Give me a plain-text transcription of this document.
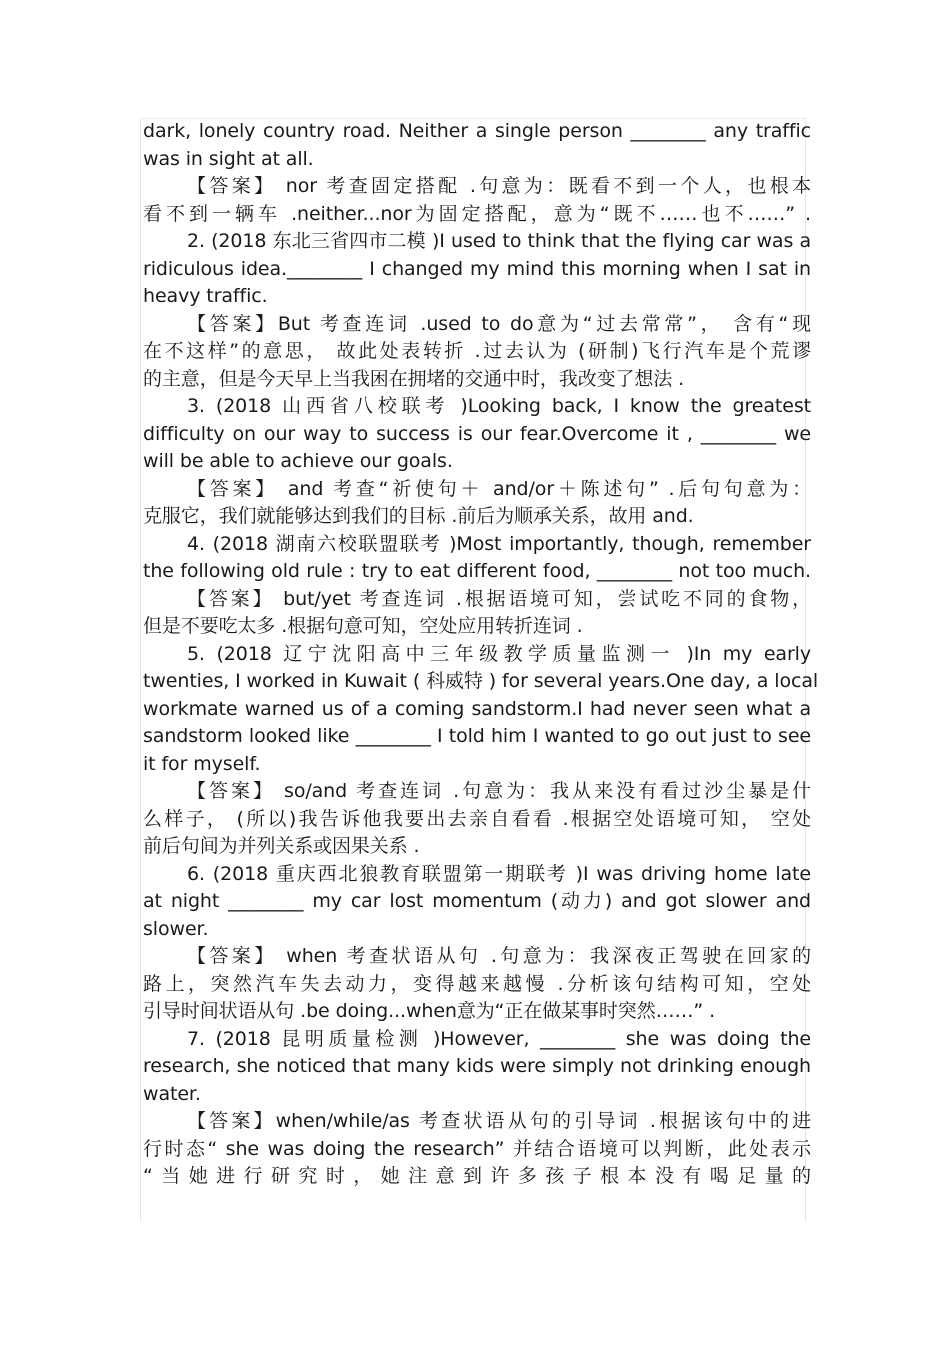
dark, lonely country road. Neither a single person ________ any traffic
was in sight at all.
【答案】 nor 考查固定搭配 .句意为：既看不到一个人，也根本
看不到一辆车 .neither...nor为固定搭配，意为“既不……也不……” .
2. (2018 东北三省四市二模 )I used to think that the flying car was a
ridiculous idea.________ I changed my mind this morning when I sat in
heavy traffic.
【答案】But 考查连词 .used to do意为“过去常常”， 含有“现
在不这样”的意思， 故此处表转折 .过去认为 (研制)飞行汽车是个荒谬
的主意，但是今天早上当我困在拥堵的交通中时，我改变了想法 .
3. (2018 山西省八校联考 )Looking back, I know the greatest
difficulty on our way to success is our fear.Overcome it , ________ we
will be able to achieve our goals.
【答案】 and 考查“祈使句＋ and/or＋陈述句” .后句句意为：
克服它，我们就能够达到我们的目标 .前后为顺承关系，故用 and.
4. (2018 湖南六校联盟联考 )Most importantly, though, remember
the following old rule : try to eat different food, ________ not too much.
【答案】 but/yet 考查连词 .根据语境可知，尝试吃不同的食物，
但是不要吃太多 .根据句意可知，空处应用转折连词 .
5. (2018 辽宁沈阳高中三年级教学质量监测一 )In my early
twenties, I worked in Kuwait ( 科威特 ) for several years.One day, a local
workmate warned us of a coming sandstorm.I had never seen what a
sandstorm looked like ________ I told him I wanted to go out just to see
it for myself.
【答案】 so/and 考查连词 .句意为：我从来没有看过沙尘暴是什
么样子， (所以)我告诉他我要出去亲自看看 .根据空处语境可知， 空处
前后句间为并列关系或因果关系 .
6. (2018 重庆西北狼教育联盟第一期联考 )I was driving home late
at night ________ my car lost momentum (动力) and got slower and
slower.
【答案】 when 考查状语从句 .句意为：我深夜正驾驶在回家的
路上，突然汽车失去动力，变得越来越慢 .分析该句结构可知，空处
引导时间状语从句 .be doing...when意为“正在做某事时突然……” .
7. (2018 昆明质量检测 )However, ________ she was doing the
research, she noticed that many kids were simply not drinking enough
water.
【答案】when/while/as 考查状语从句的引导词 .根据该句中的进
行时态“ she was doing the research” 并结合语境可以判断，此处表示
“当她进行研究时，她注意到许多孩子根本没有喝足量的
